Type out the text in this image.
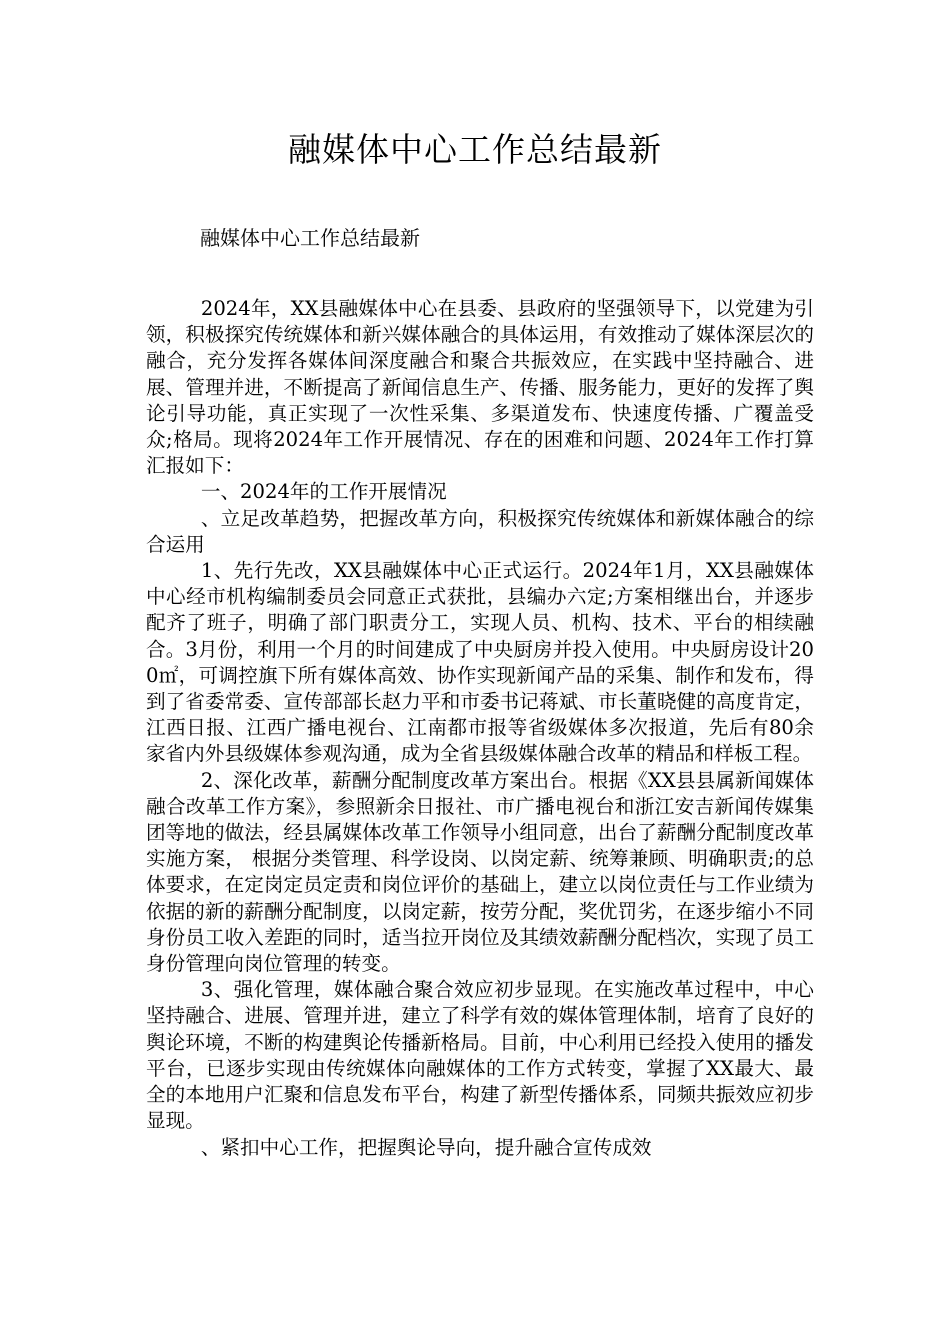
融媒体中心工作总结最新
融媒体中心工作总结最新

2024年，XX县融媒体中心在县委、县政府的坚强领导下，以党建为引领，积极探究传统媒体和新兴媒体融合的具体运用，有效推动了媒体深层次的融合，充分发挥各媒体间深度融合和聚合共振效应，在实践中坚持融合、进展、管理并进，不断提高了新闻信息生产、传播、服务能力，更好的发挥了舆论引导功能，真正实现了一次性采集、多渠道发布、快速度传播、广覆盖受众;格局。现将2024年工作开展情况、存在的困难和问题、2024年工作打算汇报如下：

一、2024年的工作开展情况

、立足改革趋势，把握改革方向，积极探究传统媒体和新媒体融合的综合运用

1、先行先改，XX县融媒体中心正式运行。2024年1月，XX县融媒体中心经市机构编制委员会同意正式获批，县编办六定;方案相继出台，并逐步配齐了班子，明确了部门职责分工，实现人员、机构、技术、平台的相续融合。3月份，利用一个月的时间建成了中央厨房并投入使用。中央厨房设计200㎡，可调控旗下所有媒体高效、协作实现新闻产品的采集、制作和发布，得到了省委常委、宣传部部长赵力平和市委书记蒋斌、市长董晓健的高度肯定，江西日报、江西广播电视台、江南都市报等省级媒体多次报道，先后有80余家省内外县级媒体参观沟通，成为全省县级媒体融合改革的精品和样板工程。

2、深化改革，薪酬分配制度改革方案出台。根据《XX县县属新闻媒体融合改革工作方案》，参照新余日报社、市广播电视台和浙江安吉新闻传媒集团等地的做法，经县属媒体改革工作领导小组同意，出台了薪酬分配制度改革实施方案， 根据分类管理、科学设岗、以岗定薪、统筹兼顾、明确职责;的总体要求，在定岗定员定责和岗位评价的基础上，建立以岗位责任与工作业绩为依据的新的薪酬分配制度，以岗定薪，按劳分配，奖优罚劣，在逐步缩小不同身份员工收入差距的同时，适当拉开岗位及其绩效薪酬分配档次，实现了员工身份管理向岗位管理的转变。

3、强化管理，媒体融合聚合效应初步显现。在实施改革过程中，中心坚持融合、进展、管理并进，建立了科学有效的媒体管理体制，培育了良好的舆论环境，不断的构建舆论传播新格局。目前，中心利用已经投入使用的播发平台，已逐步实现由传统媒体向融媒体的工作方式转变，掌握了XX最大、最全的本地用户汇聚和信息发布平台，构建了新型传播体系，同频共振效应初步显现。

、紧扣中心工作，把握舆论导向，提升融合宣传成效
